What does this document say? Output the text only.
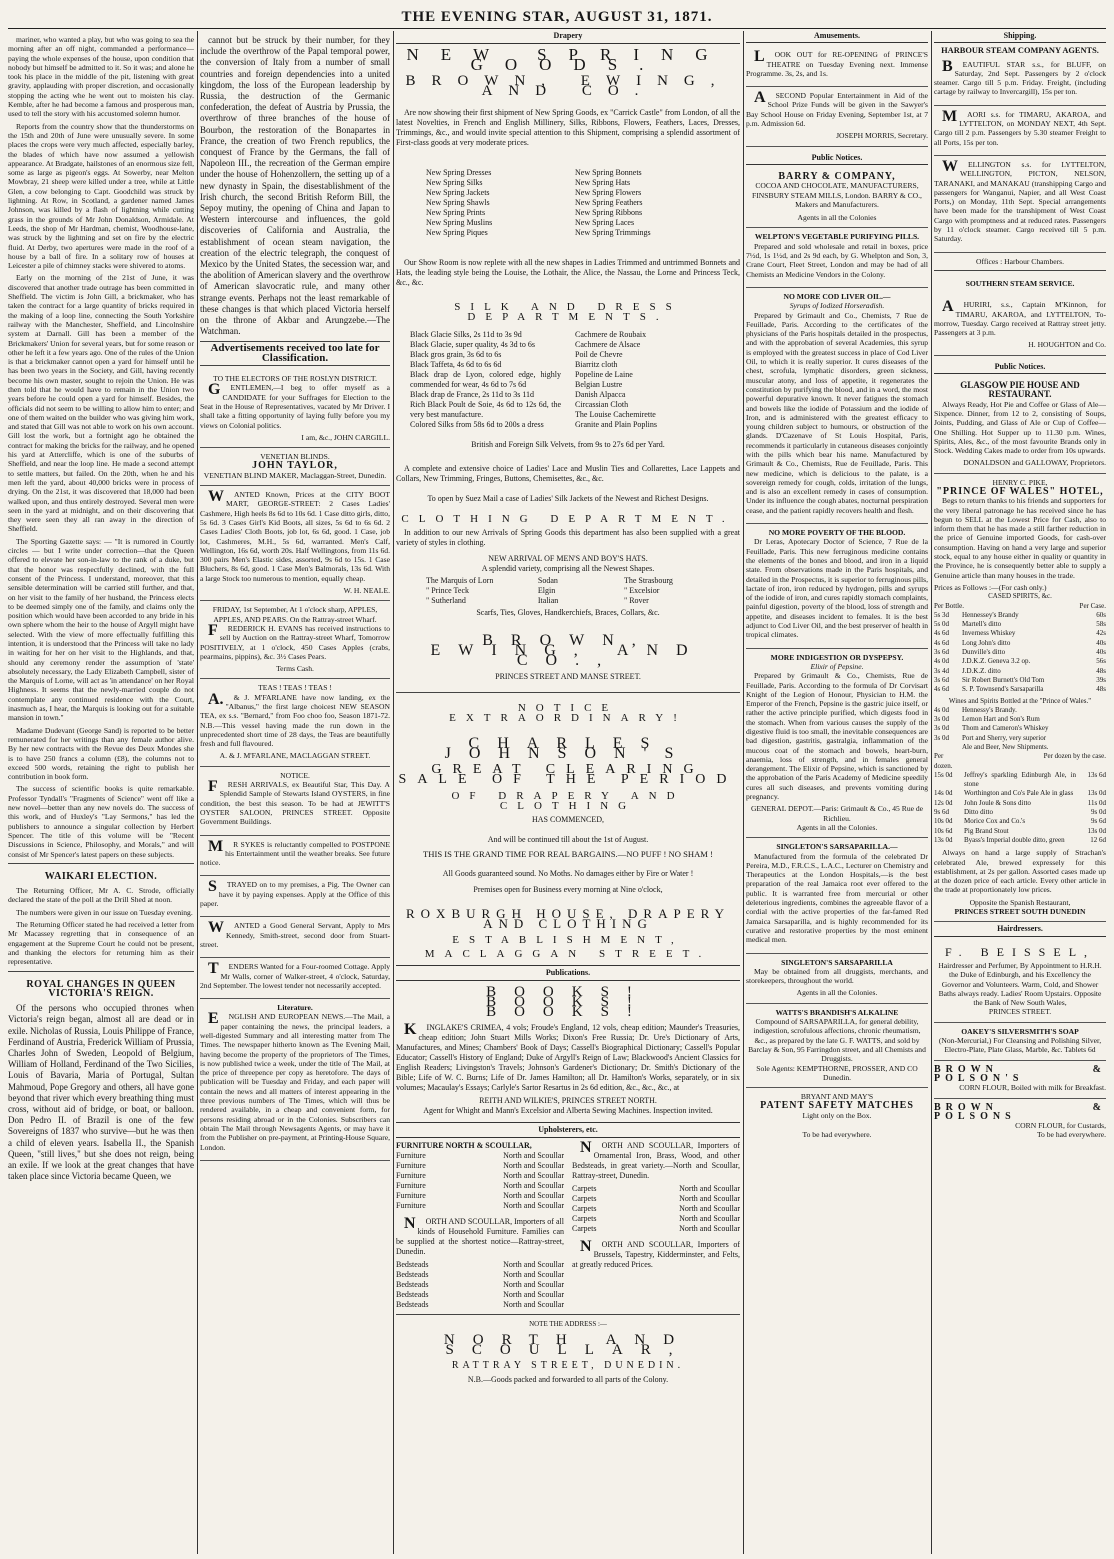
THE EVENING STAR, AUGUST 31, 1871.

mariner, who wanted a play, but who was going to sea the morning after an off night, commanded a performance—paying the whole expenses of the house, upon condition that nobody but himself be admitted to it. So it was; and alone he took his place in the middle of the pit, listening with great gravity, applauding with proper discretion, and occasionally stopping the acting whe he went out to moisten his clay. Kemble, after he had become a famous and prosperous man, used to tell the story with his accustomed solemn humor.

Reports from the country show that the thunderstorms on the 15th and 20th of June were unusually severe. In some places the crops were very much affected, especially barley, the blades of which have now assumed a yellowish appearance. At Bradgate, hailstones of an enormous size fell, some as large as pigeon's eggs. At Sowerby, near Melton Mowbray, 21 sheep were killed under a tree, while at Little Glen, a cow belonging to Capt. Goodchild was struck by lightning. At Row, in Scotland, a gardener named James Johnson, was killed by a flash of lightning while cutting grass in the grounds of Mr John Donaldson, Armidale. At Leeds, the shop of Mr Hardman, chemist, Woodhouse-lane, was struck by the lightning and set on fire by the electric fluid. At Derby, two apertures were made in the roof of a house by a ball of fire. In a solitary row of houses at Leicester a pile of chimney stacks were shivered to atoms.

Early on the morning of the 21st of June, it was discovered that another trade outrage has been committed in Sheffield. The victim is John Gill, a brickmaker, who has taken the contract for a large quantity of bricks required in the making of a loop line, connecting the South Yorkshire railway with the Manchester, Sheffield, and Lincolnshire system at Darnall. Gill has been a member of the Brickmakers' Union for several years, but for some reason or other he left it a few years ago. One of the rules of the Union is that a brickmaker cannot open a yard for himself until he has been two years in the Society, and Gill, having recently become his own master, sought to rejoin the Union. He was then told that he would have to remain in the Union two years before he could open a yard for himself. Besides, the officials did not seem to be willing to allow him to enter; and one of them waited on the builder who was giving him work, and stated that Gill was not able to work on his own account. Gill lost the work, but a fortnight ago he obtained the contract for making the bricks for the railway, and he opened his yard at Attercliffe, which is one of the suburbs of Sheffield, and near the loop line. He made a second attempt to settle matters, but failed. On the 20th, when he and his men left the yard, about 40,000 bricks were in process of drying. On the 21st, it was discovered that 18,000 had been walked upon, and thus entirely destroyed. Several men were seen in the yard at midnight, and on their discovering that they were seen they all ran away in the direction of Sheffield.

The Sporting Gazette says: — "It is rumored in Courtly circles — but I write under correction—that the Queen offered to elevate her son-in-law to the rank of a duke, but that the honor was respectfully declined, with the full consent of the Princess. I understand, moreover, that this sensible determination will be carried still further, and that, on her visit to the family of her husband, the Princess elects to be deemed simply one of the family, and claims only the position which would have been accorded to any bride in his own sphere whom the heir to the house of Argyll might have selected. With the view of more effectually fulfilling this intention, it is understood that the Princess will take no lady in waiting for her on her visit to the Highlands, and that, should any ceremony render the assumption of 'state' absolutely necessary, the Lady Elizabeth Campbell, sister of the Marquis of Lorne, will act as 'in attendance' on her Royal Highness. It seems that the newly-married couple do not contemplate any continued residence with the Court, inasmuch as, I hear, the Marquis is looking out for a suitable mansion in town."

Madame Dudevant (George Sand) is reported to be better remunerated for her writings than any female author alive. By her new contracts with the Revue des Deux Mondes she is to have 250 francs a column (£8), the columns not to exceed 500 words, retaining the right to publish her contribution in book form.

The success of scientific books is quite remarkable. Professor Tyndall's "Fragments of Science" went off like a new novel—better than any new novels do. The success of this work, and of Huxley's "Lay Sermons," has led the publishers to announce a singular collection by Herbert Spencer. The title of this volume will be "Recent Discussions in Science, Philosophy, and Morals," and will consist of Mr Spencer's latest papers on these subjects.

WAIKARI ELECTION.

The Returning Officer, Mr A. C. Strode, officially declared the state of the poll at the Drill Shed at noon.

The numbers were given in our issue on Tuesday evening.

The Returning Officer stated he had received a letter from Mr Macassey regretting that in consequence of an engagement at the Supreme Court he could not be present, and thanking the electors for returning him as their representative.

ROYAL CHANGES IN QUEEN VICTORIA'S REIGN.

Of the persons who occupied thrones when Victoria's reign began, almost all are dead or in exile. Nicholas of Russia, Louis Philippe of France, Ferdinand of Austria, Frederick William of Prussia, Charles John of Sweden, Leopold of Belgium, William of Holland, Ferdinand of the Two Sicilies, Louis of Bavaria, Maria of Portugal, Sultan Mahmoud, Pope Gregory and others, all have gone beyond that river which every breathing thing must cross, without aid of bridge, or boat, or balloon. Don Pedro II. of Brazil is one of the few Sovereigns of 1837 who survive—but he was then a child of eleven years. Isabella II., the Spanish Queen, "still lives," but she does not reign, being an exile. If we look at the great changes that have taken place since Victoria became Queen, we

cannot but be struck by their number, for they include the overthrow of the Papal temporal power, the conversion of Italy from a number of small countries and foreign dependencies into a united kingdom, the loss of the European leadership by Russia, the destruction of the Germanic confederation, the defeat of Austria by Prussia, the overthrow of three branches of the house of Bourbon, the restoration of the Bonapartes in France, the creation of two French republics, the conquest of France by the Germans, the fall of Napoleon III., the recreation of the German empire under the house of Hohenzollern, the setting up of a new dynasty in Spain, the disestablishment of the Irish church, the second British Reform Bill, the Sepoy mutiny, the opening of China and Japan to Western intercourse and influences, the gold discoveries of California and Australia, the establishment of ocean steam navigation, the creation of the electric telegraph, the conquest of Mexico by the United States, the secession war, and the abolition of American slavery and the overthrow of American slavocratic rule, and many other strange events. Perhaps not the least remarkable of these changes is that which placed Victoria herself on the throne of Akbar and Arungzebe.—The Watchman.

Advertisements received too late for Classification.
TO THE ELECTORS OF THE ROSLYN DISTRICT.

GENTLEMEN,—I beg to offer myself as a CANDIDATE for your Suffrages for Election to the Seat in the House of Representatives, vacated by Mr Driver. I shall take a fitting opportunity of laying fully before you my views on Colonial politics.

I am, &c., JOHN CARGILL.
VENETIAN BLINDS.
JOHN TAYLOR,
VENETIAN BLIND MAKER, Maclaggan-Street, Dunedin.

WANTED Known, Prices at the CITY BOOT MART, GEORGE-STREET: 2 Cases Ladies' Cashmere, High heels 8s 6d to 10s 6d. 1 Case ditto girls, ditto, 5s 6d. 3 Cases Girl's Kid Boots, all sizes, 5s 6d to 6s 6d. 2 Cases Ladies' Cloth Boots, job lot, 6s 6d, good. 1 Case, job lot, Cashmeres, M.H., 5s 6d, warranted. Men's Calf, Wellington, 16s 6d, worth 20s. Half Wellingtons, from 11s 6d. 300 pairs Men's Elastic sides, assorted, 9s 6d to 15s. 1 Case Bluchers, 8s 6d, good. 1 Case Men's Balmorals, 13s 6d. With a large Stock too numerous to mention, equally cheap.

W. H. NEALE.
FRIDAY, 1st September, At 1 o'clock sharp, APPLES, APPLES, AND PEARS. On the Rattray-street Wharf.

FREDERICK H. EVANS has received instructions to sell by Auction on the Rattray-street Wharf, Tomorrow POSITIVELY, at 1 o'clock, 450 Cases Apples (crabs, pearmains, pippins), &c. 3½ Cases Pears.

Terms Cash.
TEAS ! TEAS ! TEAS !

A.& J. M'FARLANE have now landing, ex the "Albanus," the first large choicest NEW SEASON TEA, ex s.s. "Bernard," from Foo choo foo, Season 1871-72. N.B.—This vessel having made the run down in the unprecedented short time of 28 days, the Teas are beautifully fresh and full flavoured.

A. & J. M'FARLANE, MACLAGGAN STREET.
NOTICE.

FRESH ARRIVALS, ex Beautiful Star, This Day. A Splendid Sample of Stewarts Island OYSTERS, in fine condition, the best this season. To be had at JEWITT'S OYSTER SALOON, PRINCES STREET. Opposite Government Buildings.

MR SYKES is reluctantly compelled to POSTPONE his Entertainment until the weather breaks. See future notice.

STRAYED on to my premises, a Pig. The Owner can have it by paying expenses. Apply at the Office of this paper.

WANTED a Good General Servant, Apply to Mrs Kennedy, Smith-street, second door from Stuart-street.

TENDERS Wanted for a Four-roomed Cottage. Apply Mr Walls, corner of Walker-street, 4 o'clock, Saturday, 2nd September. The lowest tender not necessarily accepted.

Literature.

ENGLISH AND EUROPEAN NEWS.—The Mail, a paper containing the news, the principal leaders, a well-digested Summary and all interesting matter from The Times. The newspaper hitherto known as The Evening Mail, having become the property of the proprietors of The Times, is now published twice a week, under the title of The Mail, at the price of threepence per copy as heretofore. The days of publication will be Tuesday and Friday, and each paper will contain the news and all matters of interest appearing in the three previous numbers of The Times, which will thus be rendered available, in a cheap and convenient form, for persons residing abroad or in the Colonies. Subscribers can obtain The Mail through Newsagents Agents, or may have it from the Publisher on pre-payment, at Printing-House Square, London.

Drapery
NEW SPRING GOODS.
BROWN, EWING, AND CO.

Are now showing their first shipment of New Spring Goods, ex "Carrick Castle" from London, of all the latest Novelties, in French and English Millinery, Silks, Ribbons, Flowers, Feathers, Laces, Dresses, Trimmings, &c., and would invite special attention to this Shipment, comprising a splendid assortment of First-class goods at very moderate prices.

New Spring Dresses
New Spring Silks
New Spring Jackets
New Spring Shawls
New Spring Prints
New Spring Muslins
New Spring Piques
New Spring Bonnets
New Spring Hats
New Spring Flowers
New Spring Feathers
New Spring Ribbons
New Spring Laces
New Spring Trimmings

Our Show Room is now replete with all the new shapes in Ladies Trimmed and untrimmed Bonnets and Hats, the leading style being the Louise, the Lothair, the Alice, the Nassau, the Lorne and Princess Teck, &c., &c.

SILK AND DRESS DEPARTMENTS.
Black Glacie Silks, 2s 11d to 3s 9d
Black Glacie, super quality, 4s 3d to 6s
Black gros grain, 3s 6d to 6s
Black Taffeta, 4s 6d to 6s 6d
Black drap de Lyon, colored edge, highly commended for wear, 4s 6d to 7s 6d
Black drap de France, 2s 11d to 3s 11d
Rich Black Poult de Soie, 4s 6d to 12s 6d, the very best manufacture.
Colored Silks from 58s 6d to 200s a dress
Cachmere de Roubaix
Cachmere de Alsace
Poil de Chevre
Biarritz cloth
Popeline de Laine
Belgian Lustre
Danish Alpacca
Circassian Cloth
The Louise Cachemirette
Granite and Plain Poplins
British and Foreign Silk Velvets, from 9s to 27s 6d per Yard.

A complete and extensive choice of Ladies' Lace and Muslin Ties and Collarettes, Lace Lappets and Collars, New Trimming, Fringes, Buttons, Chemisettes, &c., &c.

To open by Suez Mail a case of Ladies' Silk Jackets of the Newest and Richest Designs.
CLOTHING DEPARTMENT.

In addition to our new Arrivals of Spring Goods this department has also been supplied with a great variety of styles in clothing.

NEW ARRIVAL OF MEN'S AND BOY'S HATS.
A splendid variety, comprising all the Newest Shapes.
The Marquis of Lorn	Sodan	The Strasbourg
" Prince Teck	Elgin	" Excelsior
" Sutherland	Italian	" Rover
Scarfs, Ties, Gloves, Handkerchiefs, Braces, Collars, &c.
BROWN, EWING, AND CO.,
PRINCES STREET AND MANSE STREET.
NOTICE EXTRAORDINARY!
CHARLES JOHNSON'S
GREAT CLEARING SALE OF THE PERIOD
OF DRAPERY AND CLOTHING
HAS COMMENCED,
And will be continued till about the 1st of August.
THIS IS THE GRAND TIME FOR REAL BARGAINS.—NO PUFF ! NO SHAM !
All Goods guaranteed sound. No Moths. No damages either by Fire or Water !
Premises open for Business every morning at Nine o'clock,
ROXBURGH HOUSE, DRAPERY AND CLOTHING
ESTABLISHMENT,
MACLAGGAN STREET.
Publications.
BOOKS! BOOKS! BOOKS!

KINGLAKE'S CRIMEA, 4 vols; Froude's England, 12 vols, cheap edition; Maunder's Treasuries, cheap edition; John Stuart Mills Works; Dixon's Free Russia; Dr. Ure's Dictionary of Arts, Manufactures, and Mines; Chambers' Book of Days; Cassell's Biographical Dictionary; Cassell's Popular Educator; Cassell's History of England; Duke of Argyll's Reign of Law; Blackwood's Ancient Classics for English Readers; Livingston's Travels; Johnson's Gardener's Dictionary; Dr. Smith's Dictionary of the Bible; Life of W. C. Burns; Life of Dr. James Hamilton; all Dr. Hamilton's Works, separately, or in six volumes; Macaulay's Essays; Carlyle's Sartor Resartus in 2s 6d edition, &c., &c., &c., at

REITH AND WILKIE'S, PRINCES STREET NORTH.
Agent for Whight and Mann's Excelsior and Alberta Sewing Machines. Inspection invited.
Upholsterers, etc.
FURNITURE NORTH & SCOULLAR,
Furniture	North and Scoullar
Furniture	North and Scoullar
Furniture	North and Scoullar
Furniture	North and Scoullar
Furniture	North and Scoullar
Furniture	North and Scoullar

NORTH AND SCOULLAR, Importers of all kinds of Household Furniture. Families can be supplied at the shortest notice—Rattray-street, Dunedin.

Bedsteads	North and Scoullar
Bedsteads	North and Scoullar
Bedsteads	North and Scoullar
Bedsteads	North and Scoullar
Bedsteads	North and Scoullar

NORTH AND SCOULLAR, Importers of Ornamental Iron, Brass, Wood, and other Bedsteads, in great variety.—North and Scoullar, Rattray-street, Dunedin.

Carpets	North and Scoullar
Carpets	North and Scoullar
Carpets	North and Scoullar
Carpets	North and Scoullar
Carpets	North and Scoullar

NORTH AND SCOULLAR, Importers of Brussels, Tapestry, Kidderminster, and Felts, at greatly reduced Prices.

NOTE THE ADDRESS :—
NORTH AND SCOULLAR,
RATTRAY STREET, DUNEDIN.
N.B.—Goods packed and forwarded to all parts of the Colony.
Amusements.

LOOK OUT for RE-OPENING of PRINCE'S THEATRE on Tuesday Evening next. Immense Programme. 3s, 2s, and 1s.

ASECOND Popular Entertainment in Aid of the School Prize Funds will be given in the Sawyer's Bay School House on Friday Evening, September 1st, at 7 p.m. Admission 6d.

JOSEPH MORRIS, Secretary.
Public Notices.
BARRY & COMPANY,
COCOA AND CHOCOLATE, MANUFACTURERS, FINSBURY STEAM MILLS, London. BARRY & CO., Makers and Manufacturers.
Agents in all the Colonies
WELPTON'S VEGETABLE PURIFYING PILLS.

Prepared and sold wholesale and retail in boxes, price 7½d, 1s 1½d, and 2s 9d each, by G. Whelpton and Son, 3, Crane Court, Fleet Street, London and may be had of all Chemists an Medicine Vendors in the Colony.

NO MORE COD LIVER OIL.—
Syrups of Iodized Horseradish.

Prepared by Grimault and Co., Chemists, 7 Rue de Feuillade, Paris. According to the certificates of the physicians of the Paris hospitals detailed in the prospectus, and with the approbation of several Academies, this syrup is employed with the greatest success in place of Cod Liver Oil, to which it is really superior. It cures diseases of the chest, scrofula, lymphatic disorders, green sickness, muscular atony, and loss of appetite, it regenerates the constitution by purifying the blood, and in a word, the most powerful depurative known. It never fatigues the stomach and bowels like the iodide of Potassium and the iodide of Iron, and is administered with the greatest efficacy to young children subject to humours, or obstruction of the glands. D'Cazenave of St Louis Hospital, Paris, recommends it particularly in cutaneous diseases conjointly with the pills which bear his name. Manufactured by Grimault & Co., Chemists, Rue de Feuillade, Paris. This new medicine, which is delicious to the palate, is a sovereign remedy for cough, colds, irritation of the lungs, and is also an excellent remedy in cases of consumption. Under its influence the cough abates, nocturnal perspiration cease, and the patient rapidly recovers health and flesh.

NO MORE POVERTY OF THE BLOOD.

Dr Leras, Apotecary Doctor of Science, 7 Rue de la Feuillade, Paris. This new ferruginous medicine contains the elements of the bones and blood, and iron in a liquid state. From observations made in the Paris hospitals, and detailed in the Prospectus, it is superior to ferruginous pills, lactate of iron, iron reduced by hydrogen, pills and syrups of the iodide of iron, and cures rapidly stomach complaints, painful digestion, poverty of the blood, loss of strength and appetite, and diseases incident to females. It is the best adjunct to Cod Liver Oil, and the best preserver of health in tropical climates.

MORE INDIGESTION OR DYSPEPSY.
Elixir of Pepsine.

Prepared by Grimault & Co., Chemists, Rue de Feuillade, Paris. According to the formula of Dr Corvisart Knight of the Legion of Honour, Physician to H.M. the Emperor of the French, Pepsine is the gastric juice itself, or rather the active principle purified, which digests food in the stomach. When from various causes the supply of the digestive fluid is too small, the inevitable consequences are bad digestion, gastritis, gastralgia, inflammation of the mucous coat of the stomach and bowels, heart-burn, anaemia, loss of strength, and in females general derangement. The Elixir of Pepsine, which is sanctioned by the approbation of the Paris Academy of Medicine speedily cures all such diseases, and prevents vomiting during pregnancy.

GENERAL DEPOT.—Paris: Grimault & Co., 45 Rue de Richlieu.
Agents in all the Colonies.
SINGLETON'S SARSAPARILLA.—

Manufactured from the formula of the celebrated Dr Pereira, M.D., F.R.C.S., L.A.C., Lecturer on Chemistry and Therapeutics at the London Hospitals,—is the best preparation of the real Jamaica root ever offered to the public. It is warranted free from mercurial or other deleterious ingredients, combines the agreeable flavor of a cordial with the active properties of the far-famed Red Jamaica Sarsaparilla, and is highly recommended for its curative and restorative properties by the most eminent medical men.

SINGLETON'S SARSAPARILLA

May be obtained from all druggists, merchants, and storekeepers, throughout the world.

Agents in all the Colonies.
WATTS'S BRANDISH'S ALKALINE
Compound of SARSAPARILLA, for general debility, indigestion, scrofulous affections, chronic rheumatism, &c., as prepared by the late G. F. WATTS, and sold by Barclay & Son, 95 Farringdon street, and all Chemists and Druggists.
Sole Agents: KEMPTHORNE, PROSSER, AND CO Dunedin.
BRYANT AND MAY'S
PATENT SAFETY MATCHES
Light only on the Box.
To be had everywhere.
Shipping.
HARBOUR STEAM COMPANY AGENTS.

BEAUTIFUL STAR s.s., for BLUFF, on Saturday, 2nd Sept. Passengers by 2 o'clock steamer. Cargo till 5 p.m. Friday. Freight, (including cartage by railway to Invercargill), 15s per ton.

MAORI s.s. for TIMARU, AKAROA, and LYTTELTON, on MONDAY NEXT, 4th Sept. Cargo till 2 p.m. Passengers by 5.30 steamer Freight to all Ports, 15s per ton.

WELLINGTON s.s. for LYTTELTON, WELLINGTON, PICTON, NELSON, TARANAKI, and MANAKAU (transhipping Cargo and passengers for Wanganui, Napier, and all West Coast Ports,) on Monday, 11th Sept. Special arrangements have been made for the transhipment of West Coast Cargo with promptness and at reduced rates. Passengers by 11 o'clock steamer. Cargo received till 5 p.m. Saturday.

Offices : Harbour Chambers.
SOUTHERN STEAM SERVICE.

AHURIRI, s.s., Captain M'Kinnon, for TIMARU, AKAROA, and LYTTELTON, To-morrow, Tuesday. Cargo received at Rattray street jetty. Passengers at 3 p.m.

H. HOUGHTON and Co.
Public Notices.
GLASGOW PIE HOUSE AND RESTAURANT.

Always Ready, Hot Pie and Coffee or Glass of Ale—Sixpence. Dinner, from 12 to 2, consisting of Soups, Joints, Pudding, and Glass of Ale or Cup of Coffee—One Shilling. Hot Supper up to 11.30 p.m. Wines, Spirits, Ales, &c., of the most favourite Brands only in Stock. Wedding Cakes made to order from 10s upwards.

DONALDSON and GALLOWAY, Proprietors.
HENRY C. PIKE,
"PRINCE OF WALES" HOTEL,

Begs to return thanks to his friends and supporters for the very liberal patronage he has received since he has begun to SELL at the Lowest Price for Cash, also to inform them that he has made a still farther reduction in the price of Genuine imported Goods, for cash-over consumption. Having on hand a very large and superior stock, equal to any house either in quality or quantity in the Province, he is consequently better able to supply a Genuine article than many houses in the trade.

Prices as Follows :—(For cash only.)
CASED SPIRITS, &c.
Per Bottle.	Per Case.
5s 3d	Hennessey's Brandy	60s
5s 0d	Martell's ditto	58s
4s 6d	Inverness Whiskey	42s
4s 6d	Long John's ditto	40s
3s 6d	Dunville's ditto	40s
4s 0d	J.D.K.Z. Geneva 3.2 op.	56s
3s 4d	J.D.K.Z. ditto	48s
3s 6d	Sir Robert Burnett's Old Tom	39s
4s 6d	S. P. Townsend's Sarsaparilla	48s
Wines and Spirits Bottled at the "Prince of Wales."
4s 0d	Hennessy's Brandy.
3s 0d	Lemon Hart and Son's Rum
3s 0d	Thom and Cameron's Whiskey
3s 0d	Port and Sherry, very superior
Ale and Beer, New Shipments.
Per	Per dozen by the case.
dozen.
15s 0d	Jeffrey's sparkling Edinburgh Ale, in stone
13s 6d
14s 0d	Worthington and Co's Pale Ale in glass	13s 0d
12s 0d	John Joule & Sons ditto	11s 0d
9s 6d	Ditto ditto	9s 0d
10s 0d	Morice Cox and Co.'s	9s 6d
10s 6d	Pig Brand Stout	13s 0d
13s 0d	Byass's Imperial double ditto, green	12 6d

Always on hand a large supply of Strachan's celebrated Ale, brewed expressely for this establishment, at 2s per gallon. Assorted cases made up at the dozen price of each article. Every other article in the trade at proportionately low prices.

Opposite the Spanish Restaurant,
PRINCES STREET SOUTH DUNEDIN
Hairdressers.
F. BEISSEL,
Hairdresser and Perfumer, By Appointment to H.R.H. the Duke of Edinburgh, and his Excellency the Governor and Volunteers. Warm, Cold, and Shower Baths always ready. Ladies' Room Upstairs. Opposite the Bank of New South Wales,
PRINCES STREET.
OAKEY'S SILVERSMITH'S SOAP
(Non-Mercurial,) For Cleansing and Polishing Silver, Electro-Plate, Plate Glass, Marble, &c. Tablets 6d
BROWN & POLSON'S
CORN FLOUR, Boiled with milk for Breakfast.
BROWN & POLSONS
CORN FLOUR, for Custards,
To be had everywhere.
